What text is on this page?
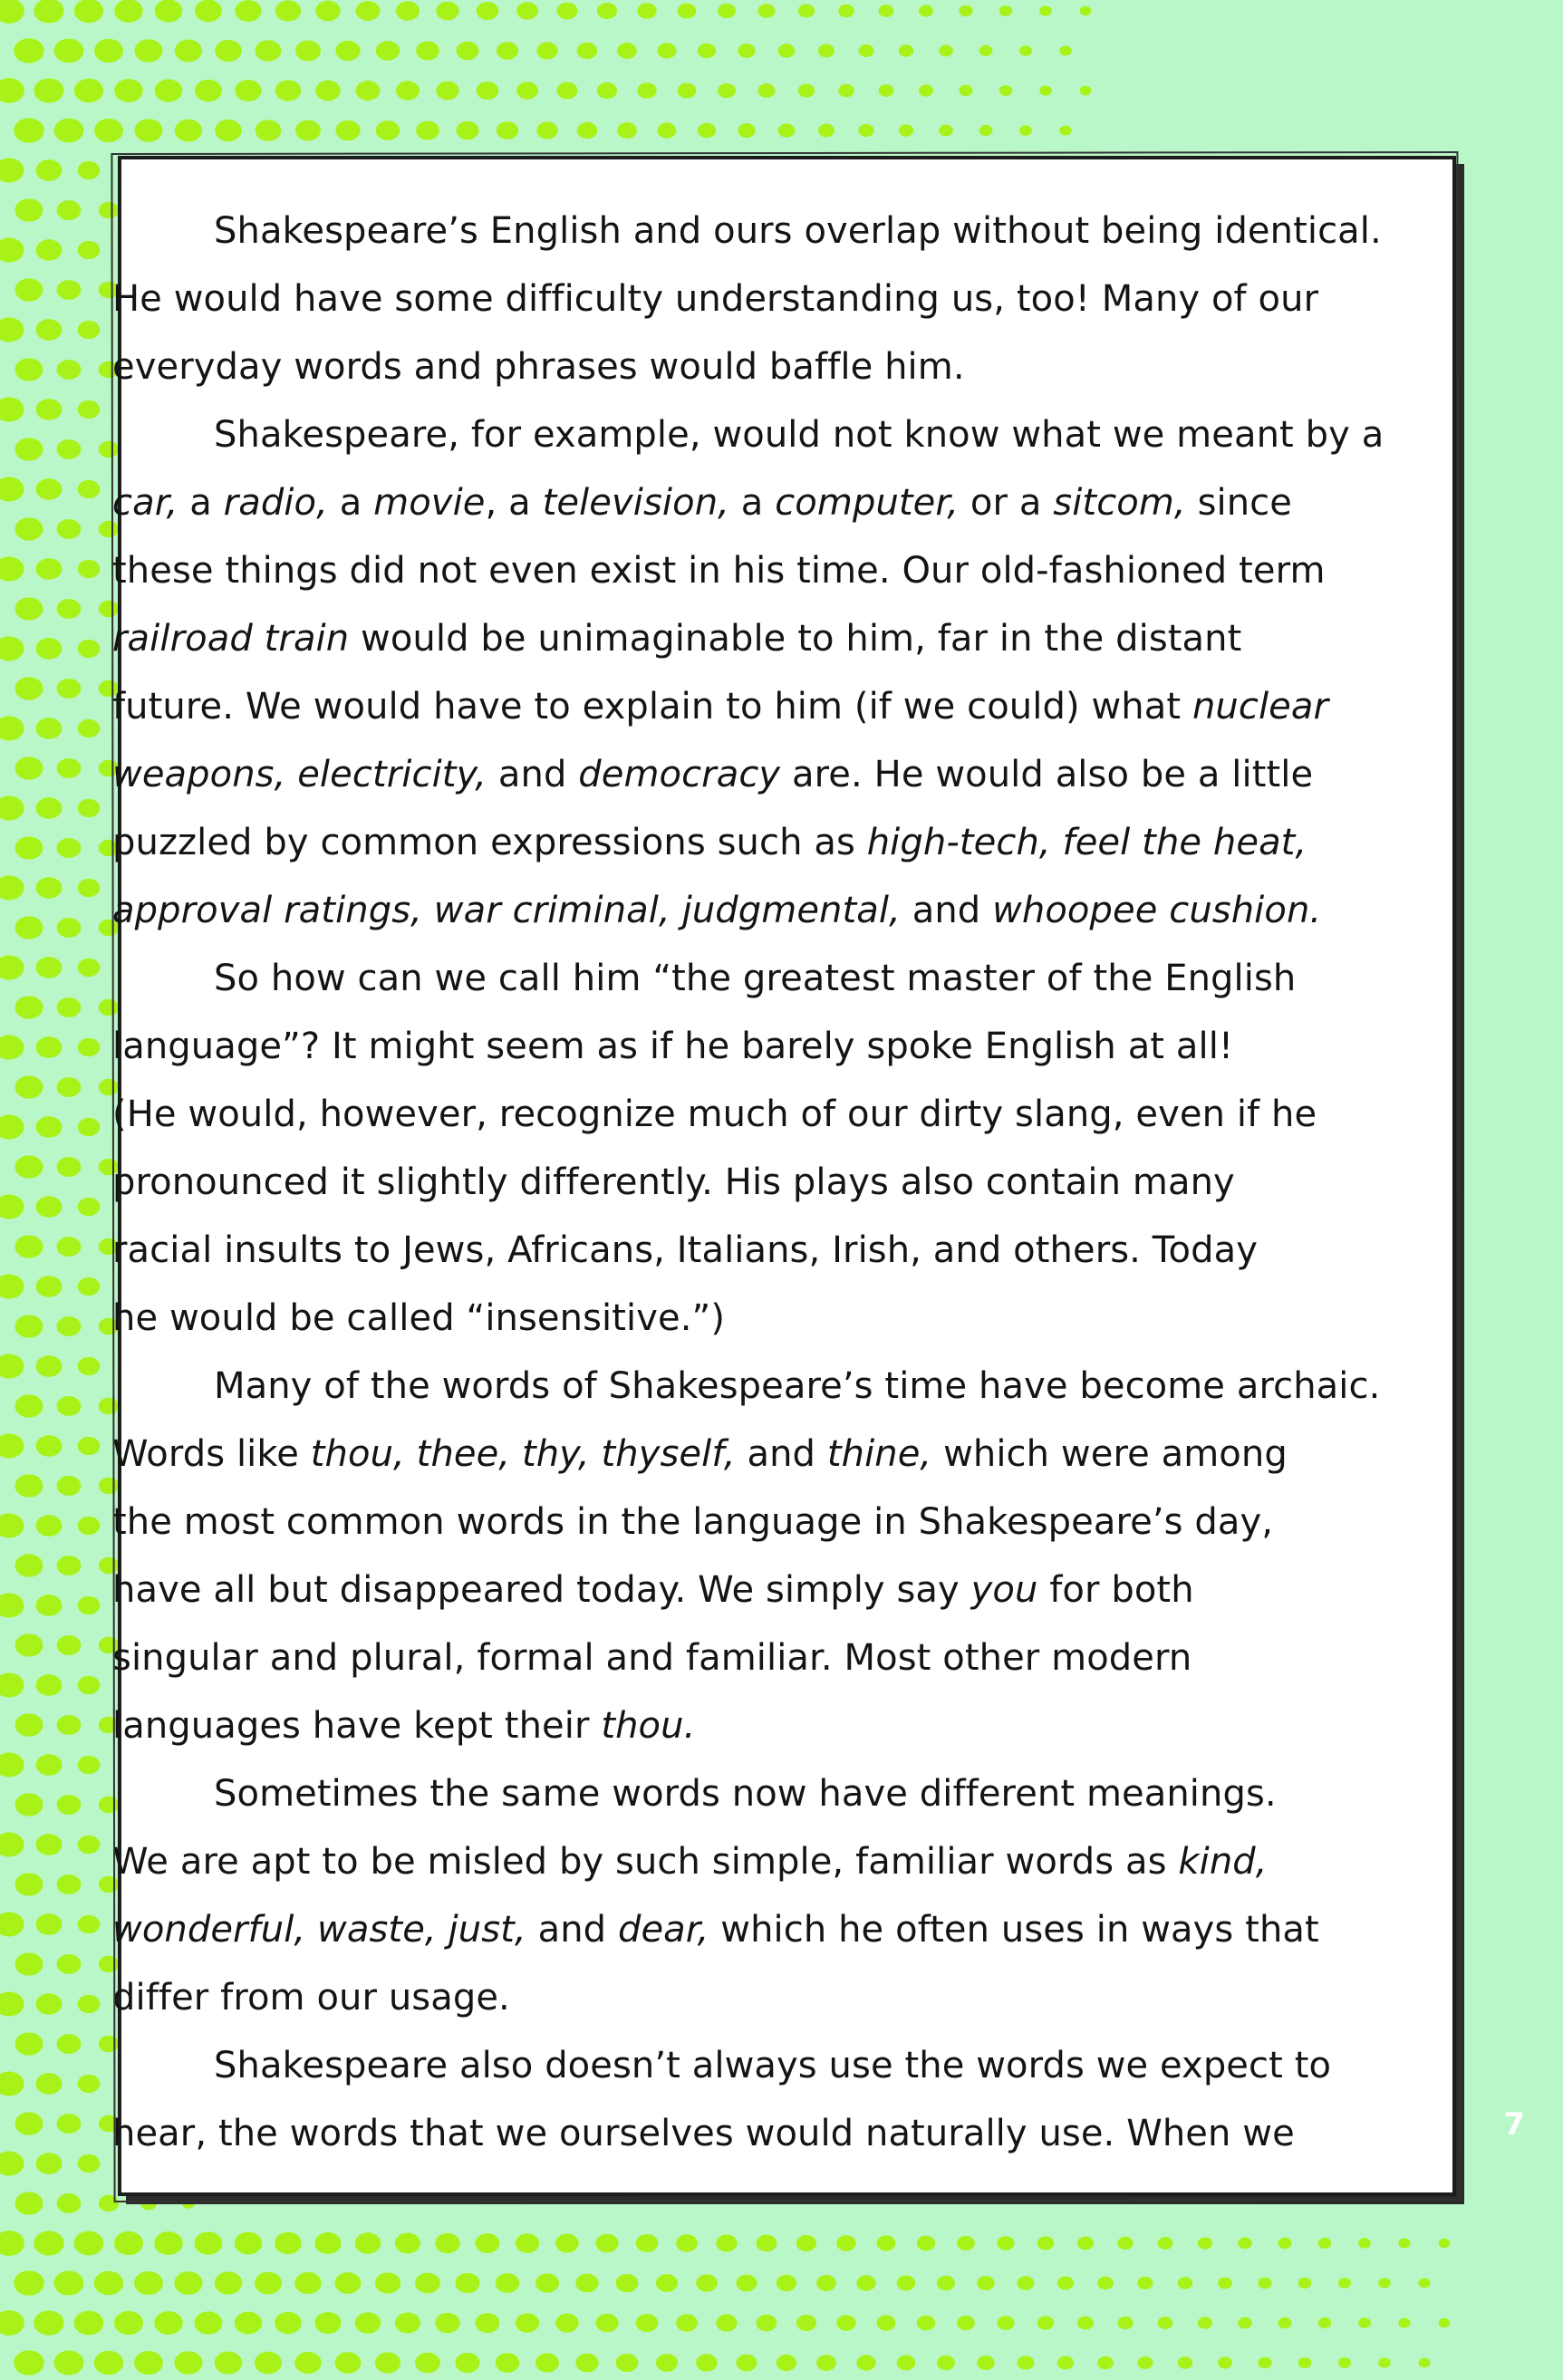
Shakespeare’s English and ours overlap without being identical.
He would have some difficulty understanding us, too! Many of our
everyday words and phrases would baffle him.

Shakespeare, for example, would not know what we meant by a
car, a radio, a movie, a television, a computer, or a sitcom, since
these things did not even exist in his time. Our old-fashioned term
railroad train would be unimaginable to him, far in the distant
future. We would have to explain to him (if we could) what nuclear
weapons, electricity, and democracy are. He would also be a little
puzzled by common expressions such as high-tech, feel the heat,
approval ratings, war criminal, judgmental, and whoopee cushion.

So how can we call him “the greatest master of the English
language”? It might seem as if he barely spoke English at all!
(He would, however, recognize much of our dirty slang, even if he
pronounced it slightly differently. His plays also contain many
racial insults to Jews, Africans, Italians, Irish, and others. Today
he would be called “insensitive.”)

Many of the words of Shakespeare’s time have become archaic.
Words like thou, thee, thy, thyself, and thine, which were among
the most common words in the language in Shakespeare’s day,
have all but disappeared today. We simply say you for both
singular and plural, formal and familiar. Most other modern
languages have kept their thou.

Sometimes the same words now have different meanings.
We are apt to be misled by such simple, familiar words as kind,
wonderful, waste, just, and dear, which he often uses in ways that
differ from our usage.

Shakespeare also doesn’t always use the words we expect to
hear, the words that we ourselves would naturally use. When we	7
